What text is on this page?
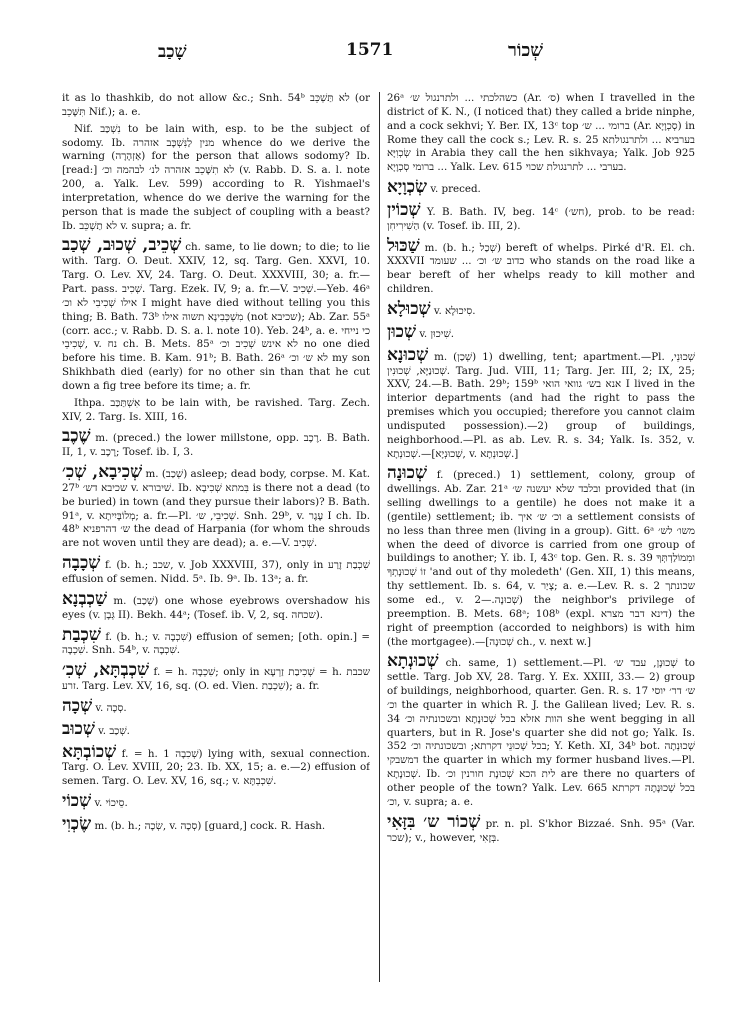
שָׁכַב	1571	שְׁכוֹר

it as lo thashkib, do not allow &c.; Snh. 54ᵇ לא תַּשְׁכֵּב (or תִּשָּׁכֵב Nif.); a. e.

Nif. נִשְׁכַּב to be lain with, esp. to be the subject of sodomy. Ib. מנין לַנִּשְׁכָּב אזהרה whence do we derive the warning (אַזְהָרָה) for the person that allows sodomy? Ib. [read:] לא תִשָּׁכֵב אזהרה לנ׳ לבהמה וכ׳ (v. Rabb. D. S. a. l. note 200, a. Yalk. Lev. 599) according to R. Yishmael's interpretation, whence do we derive the warning for the person that is made the subject of coupling with a beast? Ib. לא תַשְׁכֵּב v. supra; a. fr.

שְׁכֵיב, שְׁכוּב, שְׁכַב ch. same, to lie down; to die; to lie with. Targ. O. Deut. XXIV, 12, sq. Targ. Gen. XXVI, 10. Targ. O. Lev. XV, 24. Targ. O. Deut. XXXVIII, 30; a. fr.— Part. pass. שְׁכִיב. Targ. Ezek. IV, 9; a. fr.—V. שְׁכִיב.—Yeb. 46ᵃ אילו שְׁכִיבִי לא וכ׳ I might have died without telling you this thing; B. Bath. 73ᵇ מִשְׁכְּבִינָא תשוה אילו (not שכיבא); Ab. Zar. 55ᵃ (corr. acc.; v. Rabb. D. S. a. l. note 10). Yeb. 24ᵇ, a. e. כי נייחי שְׁכִיבֵי, v. נח ch. B. Mets. 85ᵃ לא אינש שְׁכִיב וכ׳ no one died before his time. B. Kam. 91ᵇ; B. Bath. 26ᵃ לא ש׳ וכ׳ my son Shikhbath died (early) for no other sin than that he cut down a fig tree before its time; a. fr.

Ithpa. אִשְׁתַּכַּב to be lain with, be ravished. Targ. Zech. XIV, 2. Targ. Is. XIII, 16.

שֶׁכֶב m. (preced.) the lower millstone, opp. רֶכֶב. B. Bath. II, 1, v. רֶכֶב; Tosef. ib. I, 3.

שְׁכִיבָא, שְׁכִ׳ m. (שְׁכַב) asleep; dead body, corpse. M. Kat. 27ᵇ שכיבא דש׳ v. שׁיבורא. Ib. בִּמתא שְׁכִיבָא is there not a dead (to be buried) in town (and they pursue their labors)? B. Bath. 91ᵃ, v. מְלוֹבָּיִיתָא; a. fr.—Pl. שְׁכִיבֵי, ש׳. Snh. 29ᵇ, v. עֶגֶר I ch. Ib. 48ᵇ ש׳ דהרפניא the dead of Harpania (for whom the shrouds are not woven until they are dead); a. e.—V. שְׁכִיב.

שְׁכָבָה f. (b. h.; שכב, v. Job XXXVIII, 37), only in שִׁכְבַת זֶרַע effusion of semen. Nidd. 5ᵃ. Ib. 9ᵃ. Ib. 13ᵃ; a. fr.

שַׁכְבְנָא m. (שְׁכַב) one whose eyebrows overshadow his eyes (v. גְּבָן II). Bekh. 44ᵃ; (Tosef. ib. V, 2, sq. שכחה).

שִׁכְבַת f. (b. h.; v. שִׁכְבָה) effusion of semen; [oth. opin.] = שִׁכְבָה. Snh. 54ᵇ, v. שִׁכְבָה.

שִׁכְבְתָּא, שְׁכִ׳ f. = h. שִׁכְבָה; only in שְׁכִיבַת זַרְעָא = h. שכבת זרע. Targ. Lev. XV, 16, sq. (O. ed. Vien. שִׁכְבַת); a. fr.

שְׁכָה v. סְכָה.

שְׁכוּב v. שְׁכַב.

שְׁכוֹבְתָּא f. = h. שְׁכִבָה 1) lying with, sexual connection. Targ. O. Lev. XVIII, 20; 23. Ib. XX, 15; a. e.—2) effusion of semen. Targ. O. Lev. XV, 16, sq.; v. שִׁכְבְתָּא.

שְׁכוֹי v. סֵיכוֹי.

שֶׂכְוִי m. (b. h.; שְׂכָה, v. סְכָה) [guard,] cock. R. Hash.

26ᵃ כשהלכתי ... ולתרנגול ש׳ (Ar. ס׳) when I travelled in the district of K. N., (I noticed that) they called a bride ninphe, and a cock sekhvi; Y. Ber. IX, 13ᶜ top ברומי ... ש׳ (Ar. סְכְוָיָא) in Rome they call the cock s.; Lev. R. s. 25 בערביא ... ולתרנגולתא שְׂכְוִיָּא in Arabia they call the hen sikhvaya; Yalk. Job 925 ברומי סְכְוָיָא ... Yalk. Lev. 615 בערבי ... לתרנגולת שכוי.

שְׂכְוָיָא v. preced.

שְׁכוֹין Y. B. Bath. IV, beg. 14ᶜ (חש׳), prob. to be read: הַשִׁירִיחִן (v. Tosef. ib. III, 2).

שַׁכּוּל m. (b. h.; שְׁכַל) bereft of whelps. Pirké d'R. El. ch. XXXVII כדוב ש׳ וכ׳ ... שעומד who stands on the road like a bear bereft of her whelps ready to kill mother and children.

שְׁכוּלָא v. סִיכוּלָא.

שְׁכוּן v. שִׁיכוּן.

שְׁכוּנָא m. (שְׁכַן) 1) dwelling, tent; apartment.—Pl. שְׁכוּנֵי, שְׁכוּנַיָּא, שְׁכוּנִין. Targ. Jud. VIII, 11; Targ. Jer. III, 2; IX, 25; XXV, 24.—B. Bath. 29ᵇ; 159ᵇ אנא בש׳ גוואי הואי I lived in the interior departments (and had the right to pass the premises which you occupied; therefore you cannot claim undisputed possession).—2) group of buildings, neighborhood.—Pl. as ab. Lev. R. s. 34; Yalk. Is. 352, v. שְׁכוּנְתָא.—[שְׁכוּנְיָא, v. שְׁכוּנְתָא.]

שְׁכוּנָה f. (preced.) 1) settlement, colony, group of dwellings. Ab. Zar. 21ᵃ ובלבד שלא יעשנה ש׳ provided that (in selling dwellings to a gentile) he does not make it a (gentile) settlement; ib. וכ׳ ש׳ איך a settlement consists of no less than three men (living in a group). Gitt. 6ᵃ משו׳ לש׳ when the deed of divorce is carried from one group of buildings to another; Y. ib. I, 43ᶜ top. Gen. R. s. 39 ומִמוֹלַדְתְּךָ זוֹ שְׁכוּנָתְךָ 'and out of thy moledeth' (Gen. XII, 1) this means, thy settlement. Ib. s. 64, v. צָיַר; a. e.—Lev. R. s. 2 שכונתך some ed., v. שְׁכוּנָה.—2) the neighbor's privilege of preemption. B. Mets. 68ᵃ; 108ᵇ (expl. דינא דבר מצרא) the right of preemption (accorded to neighbors) is with him (the mortgagee).—[שְׁכוּנָה ch., v. next w.]

שְׁכוּנְתָא ch. same, 1) settlement.—Pl. שְׁכוּנָן, עבד ש׳ to settle. Targ. Job XV, 28. Targ. Y. Ex. XXIII, 33.— 2) group of buildings, neighborhood, quarter. Gen. R. s. 17 ש׳ דר׳ יוסי וכ׳ the quarter in which R. J. the Galilean lived; Lev. R. s. 34 הוות אזלא בכל שְׁכוּנָתָא ובשכונתיה וכ׳ she went begging in all quarters, but in R. Jose's quarter she did not go; Yalk. Is. 352 בכל שְׁכוּנֵי דקרתא; ובשכונתיה וכ׳; Y. Keth. XI, 34ᵇ bot. שְׁכוּנְתָה דמשבקי the quarter in which my former husband lives.—Pl. שְׁכוּנָתָא. Ib. לית הכא שְׁכוּנָת חורנין וכ׳ are there no quarters of other people of the town? Yalk. Lev. 665 בכל שְׁכוּנָתָה דקרתא וכ׳, v. supra; a. e.

שְׁכוֹר ש׳ בִּזָּאִי pr. n. pl. S'khor Bizzaé. Snh. 95ᵃ (Var. שכר); v., however, בְּזָאִי.
